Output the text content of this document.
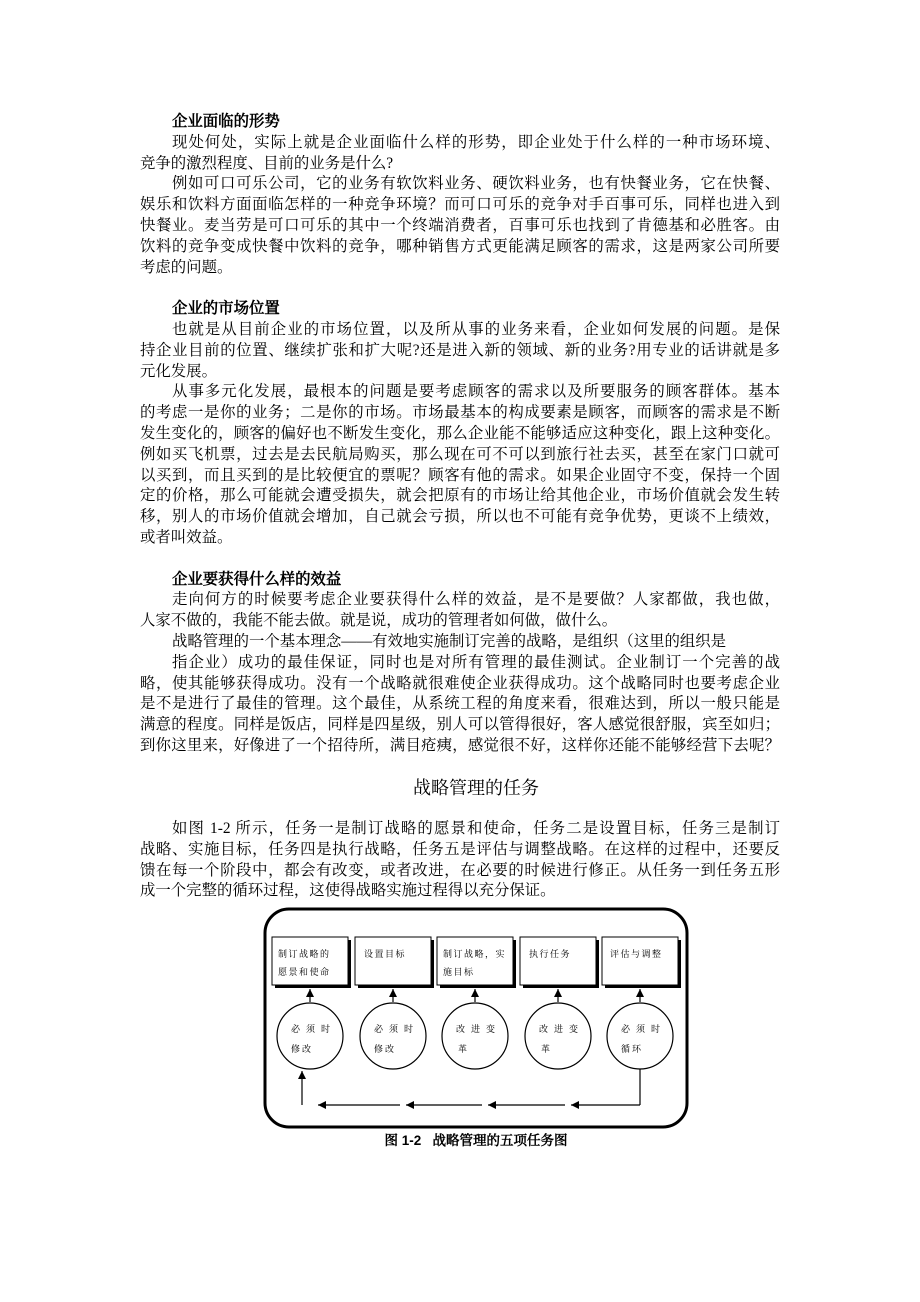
企业面临的形势
现处何处，实际上就是企业面临什么样的形势，即企业处于什么样的一种市场环境、
竞争的激烈程度、目前的业务是什么?
例如可口可乐公司，它的业务有软饮料业务、硬饮料业务，也有快餐业务，它在快餐、
娱乐和饮料方面面临怎样的一种竞争环境？而可口可乐的竞争对手百事可乐，同样也进入到
快餐业。麦当劳是可口可乐的其中一个终端消费者，百事可乐也找到了肯德基和必胜客。由
饮料的竞争变成快餐中饮料的竞争，哪种销售方式更能满足顾客的需求，这是两家公司所要
考虑的问题。
企业的市场位置
也就是从目前企业的市场位置，以及所从事的业务来看，企业如何发展的问题。是保
持企业目前的位置、继续扩张和扩大呢?还是进入新的领域、新的业务?用专业的话讲就是多
元化发展。
从事多元化发展，最根本的问题是要考虑顾客的需求以及所要服务的顾客群体。基本
的考虑一是你的业务；二是你的市场。市场最基本的构成要素是顾客，而顾客的需求是不断
发生变化的，顾客的偏好也不断发生变化，那么企业能不能够适应这种变化，跟上这种变化。
例如买飞机票，过去是去民航局购买，那么现在可不可以到旅行社去买，甚至在家门口就可
以买到，而且买到的是比较便宜的票呢？顾客有他的需求。如果企业固守不变，保持一个固
定的价格，那么可能就会遭受损失，就会把原有的市场让给其他企业，市场价值就会发生转
移，别人的市场价值就会增加，自己就会亏损，所以也不可能有竞争优势，更谈不上绩效，
或者叫效益。
企业要获得什么样的效益
走向何方的时候要考虑企业要获得什么样的效益，是不是要做？人家都做，我也做，
人家不做的，我能不能去做。就是说，成功的管理者如何做，做什么。
战略管理的一个基本理念——有效地实施制订完善的战略，是组织（这里的组织是
指企业）成功的最佳保证，同时也是对所有管理的最佳测试。企业制订一个完善的战
略，使其能够获得成功。没有一个战略就很难使企业获得成功。这个战略同时也要考虑企业
是不是进行了最佳的管理。这个最佳，从系统工程的角度来看，很难达到，所以一般只能是
满意的程度。同样是饭店，同样是四星级，别人可以管得很好，客人感觉很舒服，宾至如归；
到你这里来，好像进了一个招待所，满目疮痍，感觉很不好，这样你还能不能够经营下去呢？
战略管理的任务
如图 1-2 所示，任务一是制订战略的愿景和使命，任务二是设置目标，任务三是制订
战略、实施目标，任务四是执行战略，任务五是评估与调整战略。在这样的过程中，还要反
馈在每一个阶段中，都会有改变，或者改进，在必要的时候进行修正。从任务一到任务五形
成一个完整的循环过程，这使得战略实施过程得以充分保证。
制订战略的
愿景和使命
设置目标	制订战略，实
施目标
执行任务	评估与调整
必须时
修改
必须时
修改
改进变
革
改进变
革
必须时
循环
图 1-2   战略管理的五项任务图
